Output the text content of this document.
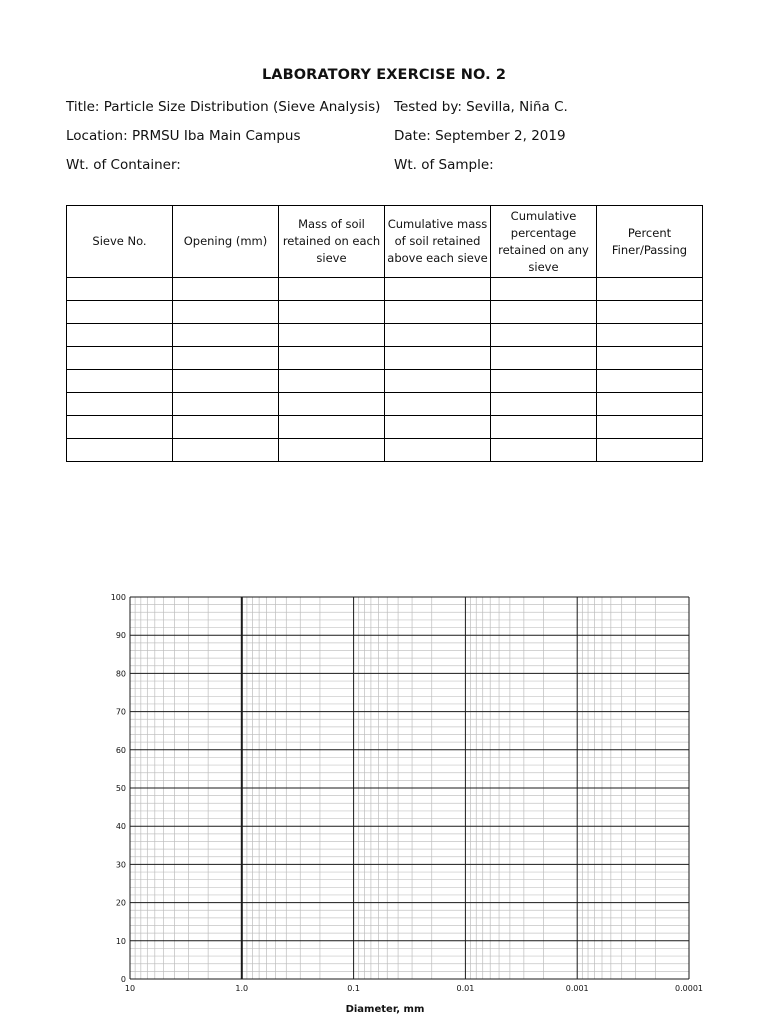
LABORATORY EXERCISE NO. 2
Title: Particle Size Distribution (Sieve Analysis) Tested by: Sevilla, Niña C.
Location: PRMSU Iba Main Campus	Date: September 2, 2019
Wt. of Container:	Wt. of Sample:
Sieve No.	Opening (mm)	Mass of soil retained on each sieve	Cumulative mass of soil retained above each sieve	Cumulative percentage retained on any sieve	Percent Finer/Passing

0
10
20
30
40
50
60
70
80
90
100
10	1.0	0.1	0.01	0.001	0.0001
Diameter, mm
